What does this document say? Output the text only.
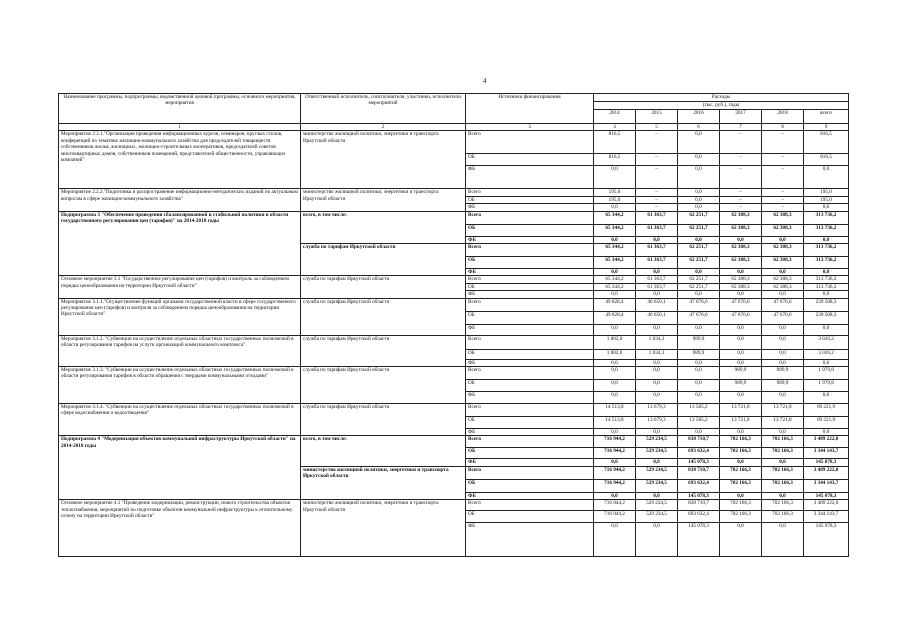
4
Наименование программы, подпрограммы, ведомственной целевой программы, основного мероприятия, мероприятия	Ответственный исполнитель, соисполнители, участники, исполнители мероприятий	Источники финансирования	Расходы					
			(тыс. руб.), годы					
			2014	2015	2016	2017	2018	всего
1	2	3	4	5	6	7	8	9
Мероприятие 2.2.1."Организация проведения информационных курсов, семинаров, круглых столов, конференций по тематике жилищно-коммунального хозяйства для председателей товариществ собственников жилья, жилищных, жилищно-строительных кооперативов, председателей советов многоквартирных домов, собственников помещений, представителей общественности, управляющих компаний"	министерство жилищной политики, энергетики и транспорта Иркутской области	Всего	816,5	–	0,0	–	–	816,5
		ОБ	816,5	–	0,0	–	–	816,5
		ФБ	0,0	–	0,0	–	–	0,0
Мероприятие 2.2.2."Подготовка и распространение информационно-методических изданий по актуальным вопросам в сфере жилищно-коммунального хозяйства"	министерство жилищной политики, энергетики и транспорта Иркутской области	Всего	195,0	–	0,0	–	–	195,0
		ОБ	195,0	–	0,0	–	–	195,0
		ФБ	0,0	–	0,0	–	–	0,0
Подпрограмма 3 "Обеспечение проведения сбалансированной и стабильной политики в области государственного регулирования цен (тарифов)" на 2014-2018 годы	всего, в том числе:	Всего	65 344,2	61 363,7	62 251,7	62 388,3	62 388,3	313 736,2
		ОБ	65 344,2	61 363,7	62 251,7	62 388,3	62 388,3	313 736,2
		ФБ	0,0	0,0	0,0	0,0	0,0	0,0
	служба по тарифам Иркутской области	Всего	65 344,2	61 363,7	62 251,7	62 388,3	62 388,3	313 736,2
		ОБ	65 344,2	61 363,7	62 251,7	62 388,3	62 388,3	313 736,2
		ФБ	0,0	0,0	0,0	0,0	0,0	0,0
Основное мероприятие 3.1 "Государственное регулирование цен (тарифов) и контроль за соблюдением порядка ценообразования на территории Иркутской области"	служба по тарифам Иркутской области	Всего	65 344,2	61 363,7	62 251,7	62 388,3	62 388,3	313 736,2
		ОБ	65 344,2	61 363,7	62 251,7	62 388,3	62 388,3	313 736,2
		ФБ	0,0	0,0	0,0	0,0	0,0	0,0
Мероприятие 3.1.1."Осуществление функций органами государственной власти в сфере государственного регулирования цен (тарифов) и контроля за соблюдением порядка ценообразования на территории Иркутской области"	служба по тарифам Иркутской области	Всего	49 828,4	46 650,1	47 676,6	47 676,6	47 676,6	239 508,3
		ОБ	49 828,4	46 650,1	47 676,6	47 676,6	47 676,6	239 508,3
		ФБ	0,0	0,0	0,0	0,0	0,0	0,0
Мероприятие 3.1.2. "Субвенции на осуществление отдельных областных государственных полномочий в области регулирования тарифов на услуги организаций коммунального комплекса"	служба по тарифам Иркутской области	Всего	1 002,0	1 034,3	989,9	0,0	0,0	3 026,2
		ОБ	1 002,0	1 034,3	989,9	0,0	0,0	3 026,2
		ФБ	0,0	0,0	0,0	0,0	0,0	0,0
Мероприятие 3.1.3. "Субвенции на осуществление отдельных областных государственных полномочий в области регулирования тарифов в области обращения с твердыми коммунальными отходами"	служба по тарифам Иркутской области	Всего	0,0	0,0	0,0	989,9	989,9	1 979,8
		ОБ	0,0	0,0	0,0	989,9	989,9	1 979,8
		ФБ	0,0	0,0	0,0	0,0	0,0	0,0
Мероприятие 3.1.4. "Субвенции на осуществление отдельных областных государственных полномочий в сфере водоснабжения и водоотведения"	служба по тарифам Иркутской области	Всего	14 513,8	13 679,3	13 585,2	13 721,8	13 721,8	69 221,9
		ОБ	14 513,8	13 679,3	13 585,2	13 721,8	13 721,8	69 221,9
		ФБ	0,0	0,0	0,0	0,0	0,0	0,0
Подпрограмма 4 "Модернизация объектов коммунальной инфраструктуры Иркутской области" на 2014-2018 годы	всего, в том числе:	Всего	716 944,2	529 234,5	838 710,7	702 166,3	702 166,3	3 489 222,0
		ОБ	716 944,2	529 234,5	693 632,4	702 166,3	702 166,3	3 344 143,7
		ФБ	0,0	0,0	145 078,3	0,0	0,0	145 078,3
	министерство жилищной политики, энергетики и транспорта Иркутской области	Всего	716 944,2	529 234,5	838 710,7	702 166,3	702 166,3	3 489 222,0
		ОБ	716 944,2	529 234,5	693 632,4	702 166,3	702 166,3	3 344 143,7
		ФБ	0,0	0,0	145 078,3	0,0	0,0	145 078,3
Основное мероприятие 4.1 "Проведение модернизации, реконструкции, нового строительства объектов теплоснабжения, мероприятий по подготовке объектов коммунальной инфраструктуры к отопительному сезону на территории Иркутской области"	министерство жилищной политики, энергетики и транспорта Иркутской области	Всего	716 944,2	529 234,5	838 710,7	702 166,3	702 166,3	3 489 222,0
		ОБ	716 944,2	529 234,5	693 632,4	702 166,3	702 166,3	3 344 143,7
		ФБ	0,0	0,0	145 078,3	0,0	0,0	145 078,3
